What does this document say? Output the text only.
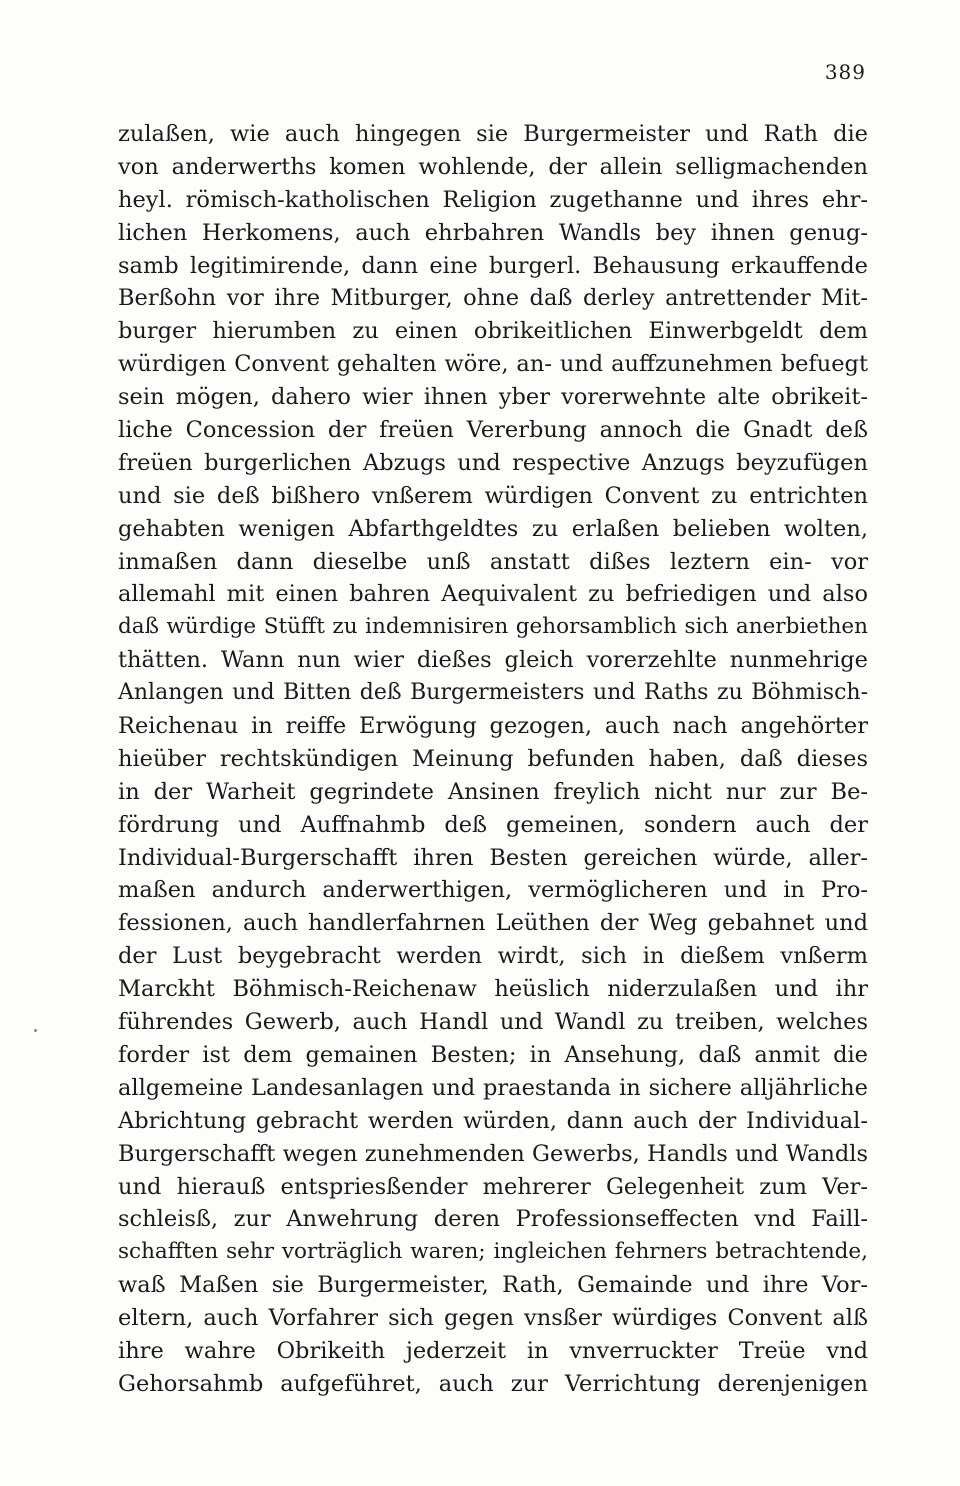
389
zulaßen, wie auch hingegen sie Burgermeister und Rath die
von anderwerths komen wohlende, der allein selligmachenden
heyl. römisch-katholischen Religion zugethanne und ihres ehr-
lichen Herkomens, auch ehrbahren Wandls bey ihnen genug-
samb legitimirende, dann eine burgerl. Behausung erkauffende
Berßohn vor ihre Mitburger, ohne daß derley antrettender Mit-
burger hierumben zu einen obrikeitlichen Einwerbgeldt dem
würdigen Convent gehalten wöre, an- und auffzunehmen befuegt
sein mögen, dahero wier ihnen yber vorerwehnte alte obrikeit-
liche Concession der freüen Vererbung annoch die Gnadt deß
freüen burgerlichen Abzugs und respective Anzugs beyzufügen
und sie deß bißhero vnßerem würdigen Convent zu entrichten
gehabten wenigen Abfarthgeldtes zu erlaßen belieben wolten,
inmaßen dann dieselbe unß anstatt dißes leztern ein- vor
allemahl mit einen bahren Aequivalent zu befriedigen und also
daß würdige Stüfft zu indemnisiren gehorsamblich sich anerbiethen
thätten. Wann nun wier dießes gleich vorerzehlte nunmehrige
Anlangen und Bitten deß Burgermeisters und Raths zu Böhmisch-
Reichenau in reiffe Erwögung gezogen, auch nach angehörter
hieüber rechtskündigen Meinung befunden haben, daß dieses
in der Warheit gegrindete Ansinen freylich nicht nur zur Be-
fördrung und Auffnahmb deß gemeinen, sondern auch der
Individual-Burgerschafft ihren Besten gereichen würde, aller-
maßen andurch anderwerthigen, vermöglicheren und in Pro-
fessionen, auch handlerfahrnen Leüthen der Weg gebahnet und
der Lust beygebracht werden wirdt, sich in dießem vnßerm
Marckht Böhmisch-Reichenaw heüslich niderzulaßen und ihr
führendes Gewerb, auch Handl und Wandl zu treiben, welches
forder ist dem gemainen Besten; in Ansehung, daß anmit die
allgemeine Landesanlagen und praestanda in sichere alljährliche
Abrichtung gebracht werden würden, dann auch der Individual-
Burgerschafft wegen zunehmenden Gewerbs, Handls und Wandls
und hierauß entspriesßender mehrerer Gelegenheit zum Ver-
schleisß, zur Anwehrung deren Professionseffecten vnd Faill-
schafften sehr vorträglich waren; ingleichen fehrners betrachtende,
waß Maßen sie Burgermeister, Rath, Gemainde und ihre Vor-
eltern, auch Vorfahrer sich gegen vnsßer würdiges Convent alß
ihre wahre Obrikeith jederzeit in vnverruckter Treüe vnd
Gehorsahmb aufgeführet, auch zur Verrichtung derenjenigen
